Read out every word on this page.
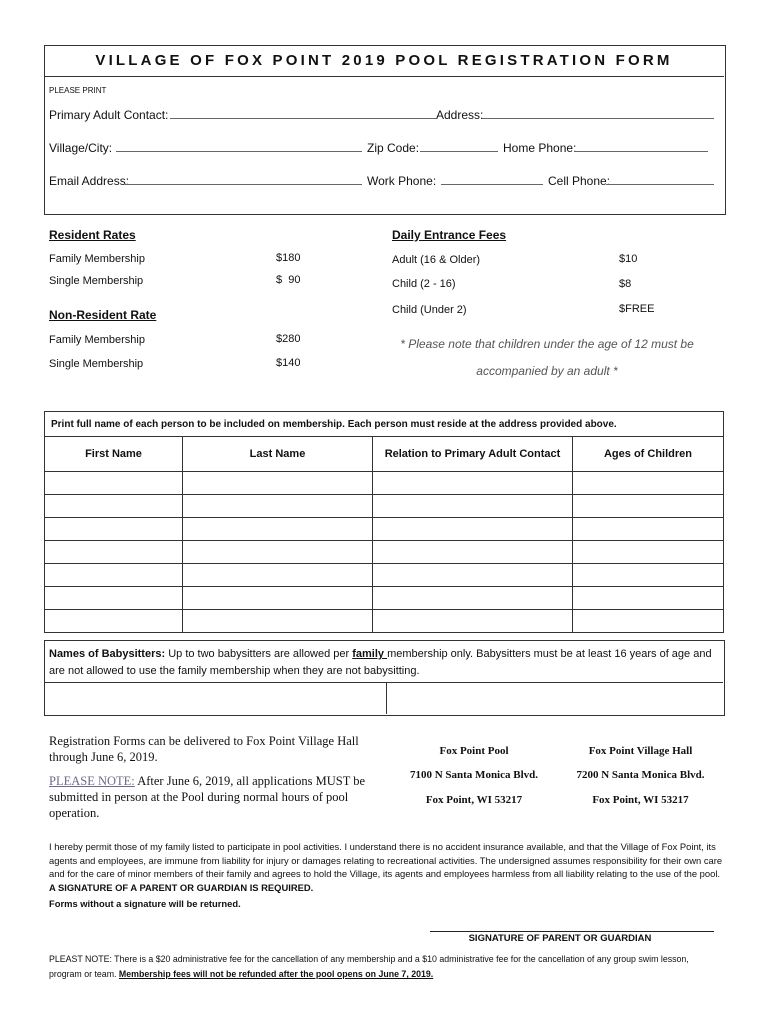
VILLAGE OF FOX POINT 2019 POOL REGISTRATION FORM
PLEASE PRINT
Primary Adult Contact:	Address:
Village/City:	Zip Code:	Home Phone:
Email Address:	Work Phone:	Cell Phone:
Resident Rates
Family Membership	$180
Single Membership	$  90
Non-Resident Rate
Family Membership	$280
Single Membership	$140
Daily Entrance Fees
Adult (16 & Older)	$10
Child (2 - 16)	$8
Child (Under 2)	$FREE
* Please note that children under the age of 12 must be
accompanied by an adult *
Print full name of each person to be included on membership. Each person must reside at the address provided above.			
First Name	Last Name	Relation to Primary Adult Contact	Ages of Children

Names of Babysitters: Up to two babysitters are allowed per family membership only. Babysitters must be at least 16 years of age and are not allowed to use the family membership when they are not babysitting.
Registration Forms can be delivered to Fox Point Village Hall through June 6, 2019.
PLEASE NOTE: After June 6, 2019, all applications MUST be submitted in person at the Pool during normal hours of pool operation.
Fox Point Pool
7100 N Santa Monica Blvd.
Fox Point, WI 53217
Fox Point Village Hall
7200 N Santa Monica Blvd.
Fox Point, WI 53217
I hereby permit those of my family listed to participate in pool activities. I understand there is no accident insurance available, and that the Village of Fox Point, its agents and employees, are immune from liability for injury or damages relating to recreational activities. The undersigned assumes responsibility for their own care and for the care of minor members of their family and agrees to hold the Village, its agents and employees harmless from all liability relating to the use of the pool. A SIGNATURE OF A PARENT OR GUARDIAN IS REQUIRED.
Forms without a signature will be returned.
SIGNATURE OF PARENT OR GUARDIAN
PLEAST NOTE: There is a $20 administrative fee for the cancellation of any membership and a $10 administrative fee for the cancellation of any group swim lesson, program or team. Membership fees will not be refunded after the pool opens on June 7, 2019.
